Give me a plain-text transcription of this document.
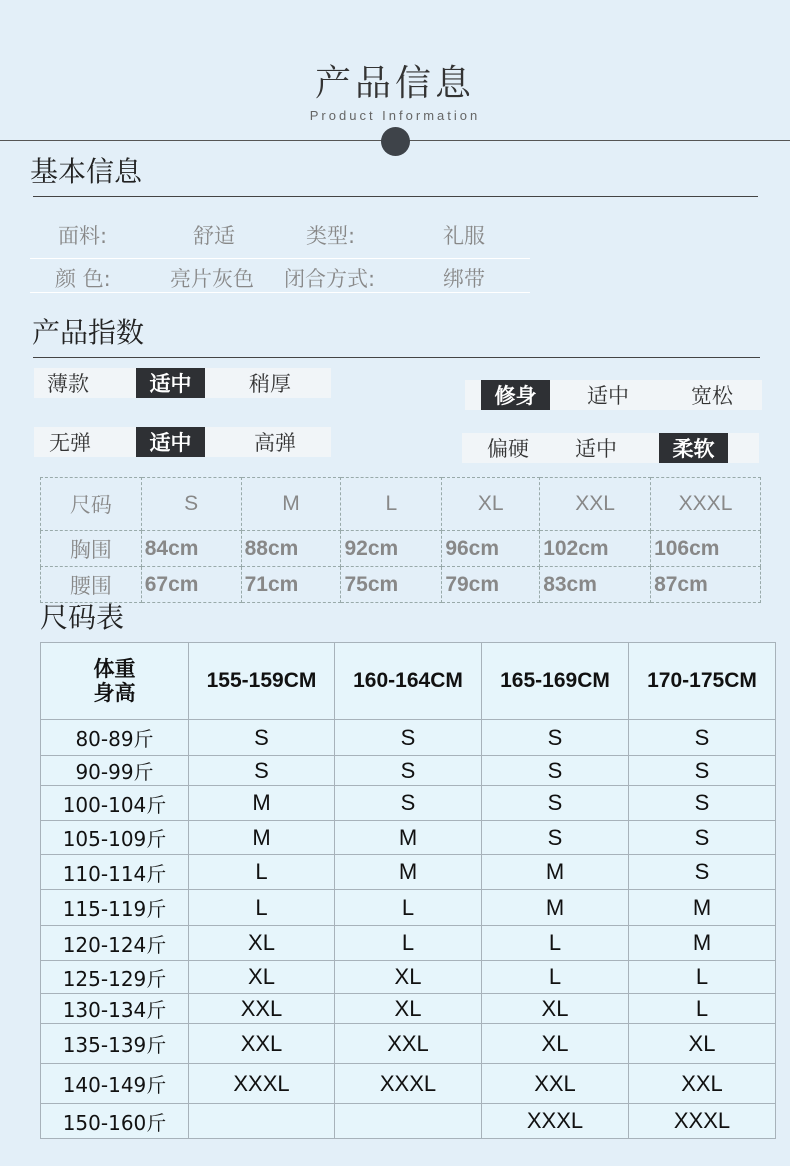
产品信息
Product Information
基本信息
面料:	舒适	类型:	礼服
颜 色:	亮片灰色 闭合方式:	绑带
产品指数
薄款	适中	稍厚	修身	适中	宽松
无弹	适中	高弹	偏硬	适中	柔软
尺码	S	M	L	XL	XXL	XXXL
胸围	84cm	88cm	92cm	96cm	102cm	106cm
腰围	67cm	71cm	75cm	79cm	83cm	87cm
尺码表
体重
身高	155-159CM	160-164CM	165-169CM	170-175CM
80-89斤	S	S	S	S
90-99斤	S	S	S	S
100-104斤	M	S	S	S
105-109斤	M	M	S	S
110-114斤	L	M	M	S
115-119斤	L	L	M	M
120-124斤	XL	L	L	M
125-129斤	XL	XL	L	L
130-134斤	XXL	XL	XL	L
135-139斤	XXL	XXL	XL	XL
140-149斤	XXXL	XXXL	XXL	XXL
150-160斤			XXXL	XXXL
